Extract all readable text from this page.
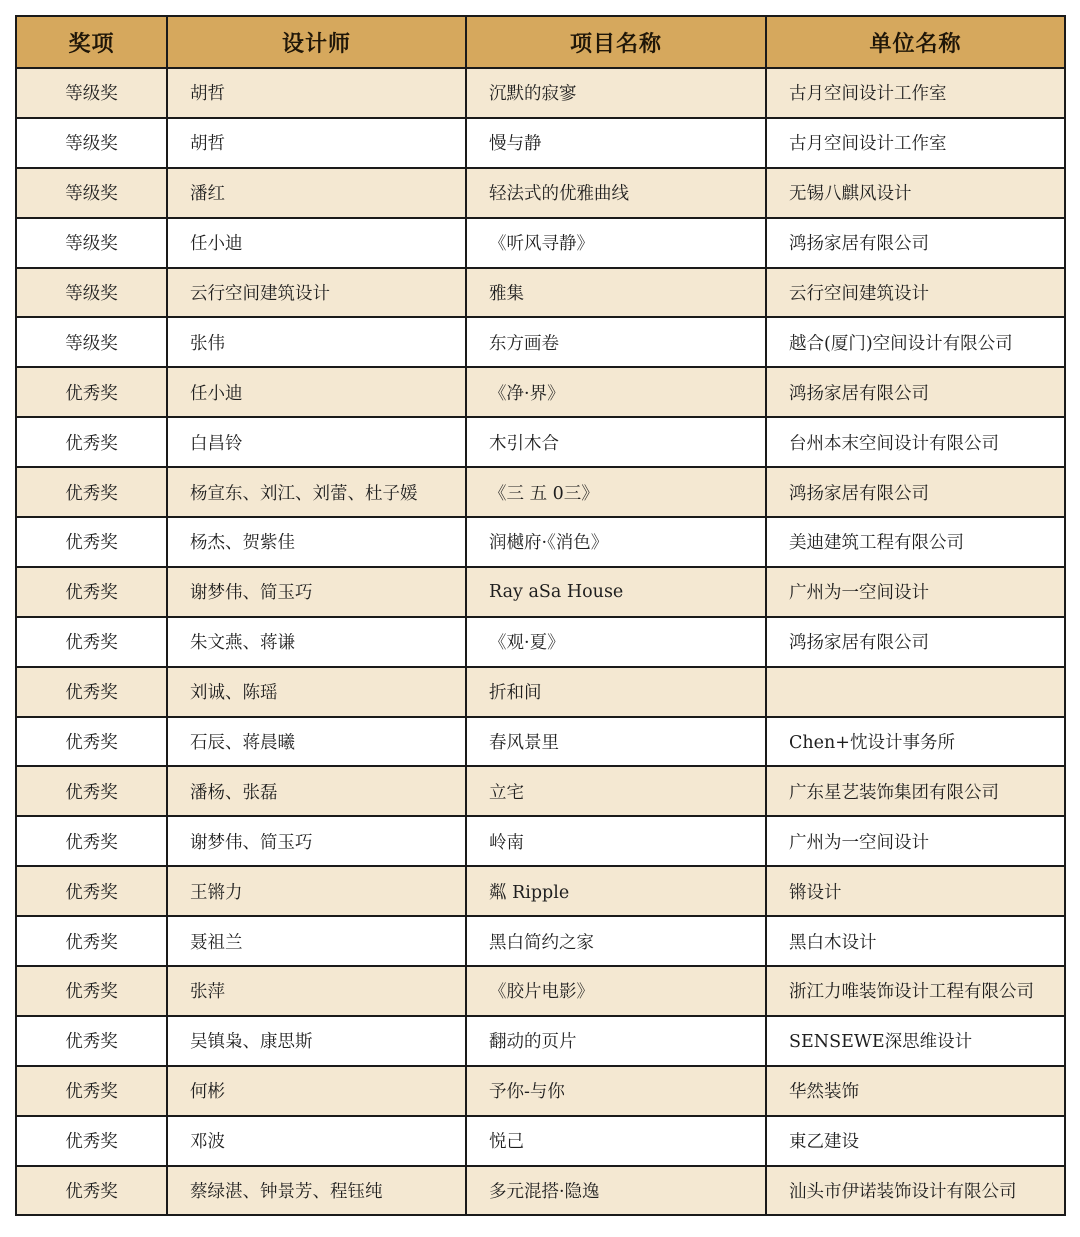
奖项	设计师	项目名称	单位名称
等级奖	胡哲	沉默的寂寥	古月空间设计工作室
等级奖	胡哲	慢与静	古月空间设计工作室
等级奖	潘红	轻法式的优雅曲线	无锡八麒风设计
等级奖	任小迪	《听风寻静》	鸿扬家居有限公司
等级奖	云行空间建筑设计	雅集	云行空间建筑设计
等级奖	张伟	东方画卷	越合(厦门)空间设计有限公司
优秀奖	任小迪	《净·界》	鸿扬家居有限公司
优秀奖	白昌铃	木引木合	台州本末空间设计有限公司
优秀奖	杨宣东、刘江、刘蕾、杜子媛	《三 五 0三》	鸿扬家居有限公司
优秀奖	杨杰、贺紫佳	润樾府·《消色》	美迪建筑工程有限公司
优秀奖	谢梦伟、简玉巧	Ray aSa House	广州为一空间设计
优秀奖	朱文燕、蒋谦	《观·夏》	鸿扬家居有限公司
优秀奖	刘诚、陈瑶	折和间	
优秀奖	石辰、蒋晨曦	春风景里	Chen+忱设计事务所
优秀奖	潘杨、张磊	立宅	广东星艺装饰集团有限公司
优秀奖	谢梦伟、简玉巧	岭南	广州为一空间设计
优秀奖	王锵力	粼 Ripple	锵设计
优秀奖	聂祖兰	黑白简约之家	黑白木设计
优秀奖	张萍	《胶片电影》	浙江力唯装饰设计工程有限公司
优秀奖	吴镇枭、康思斯	翻动的页片	SENSEWE深思维设计
优秀奖	何彬	予你-与你	华然装饰
优秀奖	邓波	悦己	東乙建设
优秀奖	蔡绿湛、钟景芳、程钰纯	多元混搭·隐逸	汕头市伊诺装饰设计有限公司
